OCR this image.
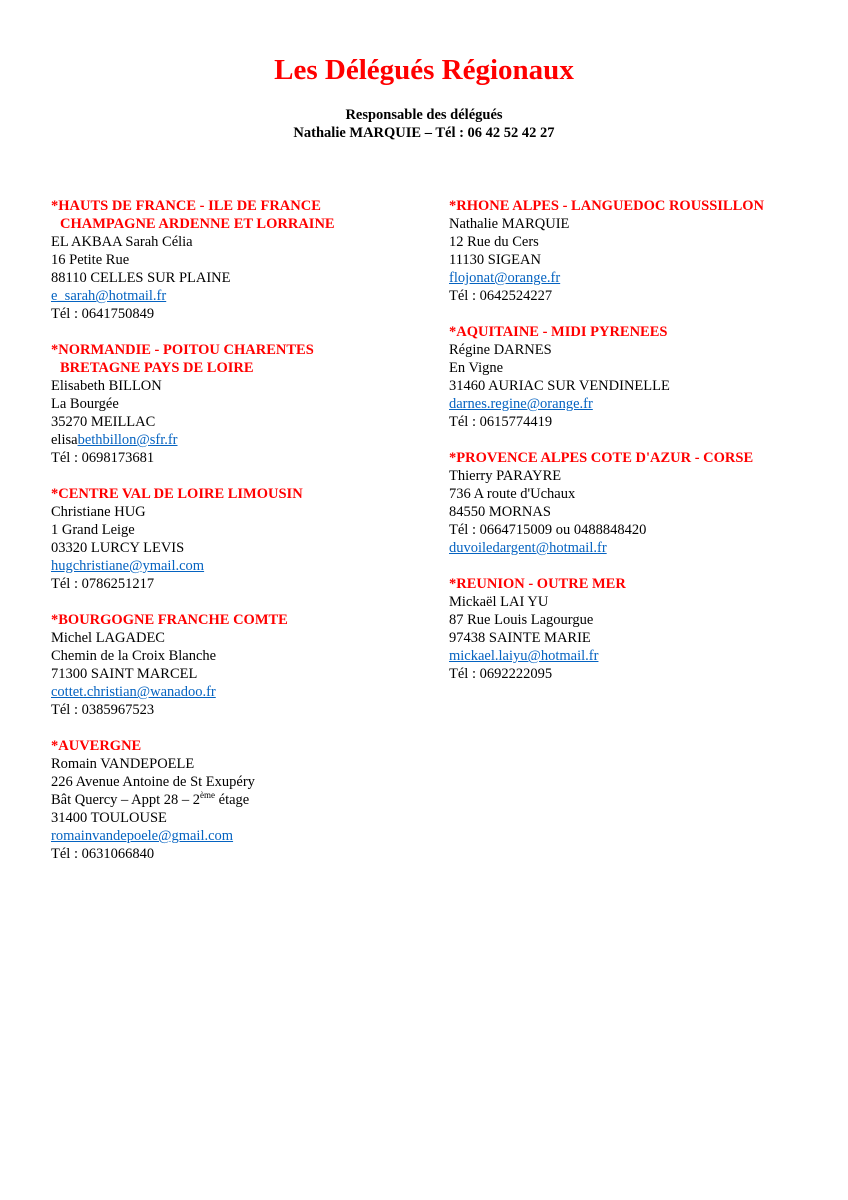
Les Délégués Régionaux
Responsable des délégués
Nathalie MARQUIE – Tél : 06 42 52 42 27
*HAUTS DE FRANCE - ILE DE FRANCE
CHAMPAGNE ARDENNE ET LORRAINE
EL AKBAA Sarah Célia
16 Petite Rue
88110 CELLES SUR PLAINE
e_sarah@hotmail.fr
Tél : 0641750849
*NORMANDIE - POITOU CHARENTES
BRETAGNE PAYS DE LOIRE
Elisabeth BILLON
La Bourgée
35270 MEILLAC
elisabethbillon@sfr.fr
Tél : 0698173681
*CENTRE VAL DE LOIRE LIMOUSIN
Christiane HUG
1 Grand Leige
03320 LURCY LEVIS
hugchristiane@ymail.com
Tél : 0786251217
*BOURGOGNE FRANCHE COMTE
Michel LAGADEC
Chemin de la Croix Blanche
71300 SAINT MARCEL
cottet.christian@wanadoo.fr
Tél : 0385967523
*AUVERGNE
Romain VANDEPOELE
226 Avenue Antoine de St Exupéry
Bât Quercy – Appt 28 – 2ème étage
31400 TOULOUSE
romainvandepoele@gmail.com
Tél : 0631066840
*RHONE ALPES - LANGUEDOC ROUSSILLON
Nathalie MARQUIE
12 Rue du Cers
11130 SIGEAN
flojonat@orange.fr
Tél : 0642524227
*AQUITAINE - MIDI PYRENEES
Régine DARNES
En Vigne
31460 AURIAC SUR VENDINELLE
darnes.regine@orange.fr
Tél : 0615774419
*PROVENCE ALPES COTE D'AZUR - CORSE
Thierry PARAYRE
736 A route d'Uchaux
84550 MORNAS
Tél : 0664715009 ou 0488848420
duvoiledargent@hotmail.fr
*REUNION - OUTRE MER
Mickaël LAI YU
87 Rue Louis Lagourgue
97438 SAINTE MARIE
mickael.laiyu@hotmail.fr
Tél : 0692222095
